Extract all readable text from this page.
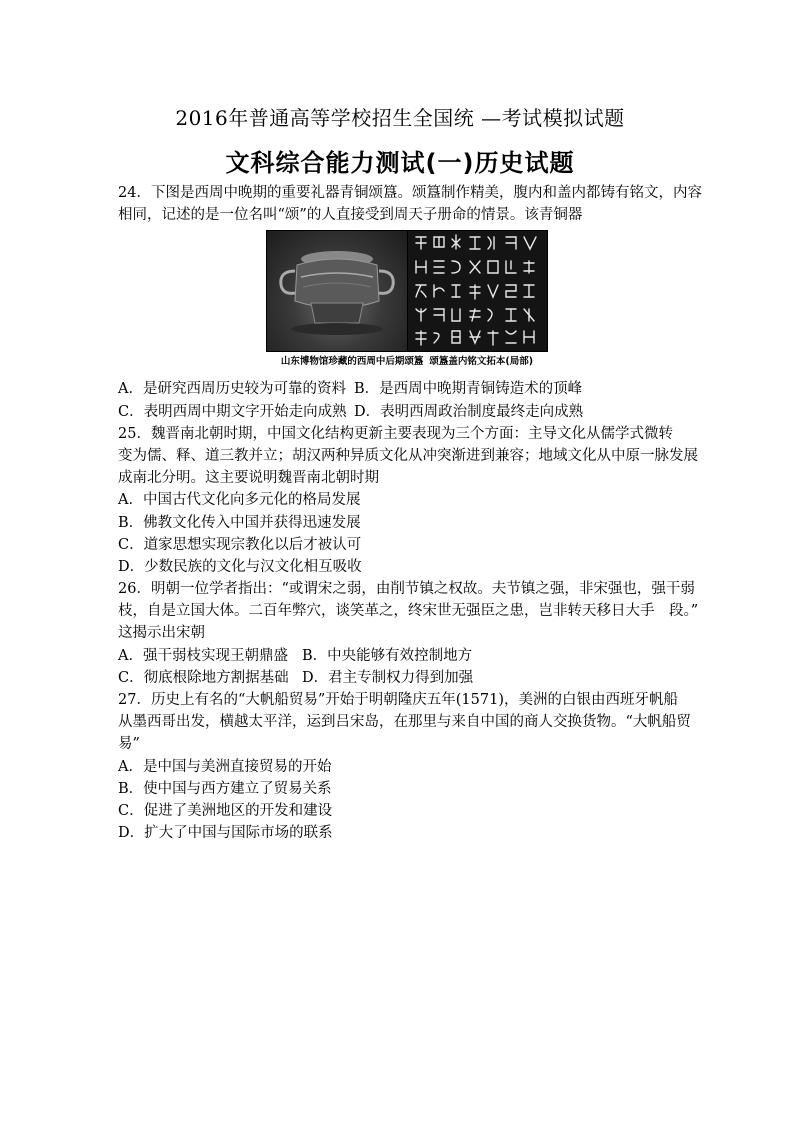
2016年普通高等学校招生全国统 —考试模拟试题
文科综合能力测试(一)历史试题
24．下图是西周中晚期的重要礼器青铜颂簋。颂簋制作精美，腹内和盖内都铸有铭文，内容
相同，记述的是一位名叫“颂”的人直接受到周天子册命的情景。该青铜器
山东博物馆珍藏的西周中后期颂簋 颂簋盖内铭文拓本(局部)
A．是研究西周历史较为可靠的资料 B．是西周中晚期青铜铸造术的顶峰
C．表明西周中期文字开始走向成熟 D．表明西周政治制度最终走向成熟
25．魏晋南北朝时期，中国文化结构更新主要表现为三个方面：主导文化从儒学式微转
变为儒、释、道三教并立；胡汉两种异质文化从冲突渐进到兼容；地域文化从中原一脉发展
成南北分明。这主要说明魏晋南北朝时期
A．中国古代文化向多元化的格局发展
B．佛教文化传入中国并获得迅速发展
C．道家思想实现宗教化以后才被认可
D．少数民族的文化与汉文化相互吸收
26．明朝一位学者指出：“或谓宋之弱，由削节镇之权故。夫节镇之强，非宋强也，强干弱
枝，自是立国大体。二百年弊穴，谈笑革之，终宋世无强臣之患，岂非转天移日大手　段。”
这揭示出宋朝
A．强干弱枝实现王朝鼎盛 B．中央能够有效控制地方
C．彻底根除地方割据基础 D．君主专制权力得到加强
27．历史上有名的“大帆船贸易”开始于明朝隆庆五年(1571)，美洲的白银由西班牙帆船
从墨西哥出发，横越太平洋，运到吕宋岛，在那里与来自中国的商人交换货物。“大帆船贸
易”
A．是中国与美洲直接贸易的开始
B．使中国与西方建立了贸易关系
C．促进了美洲地区的开发和建设
D．扩大了中国与国际市场的联系
